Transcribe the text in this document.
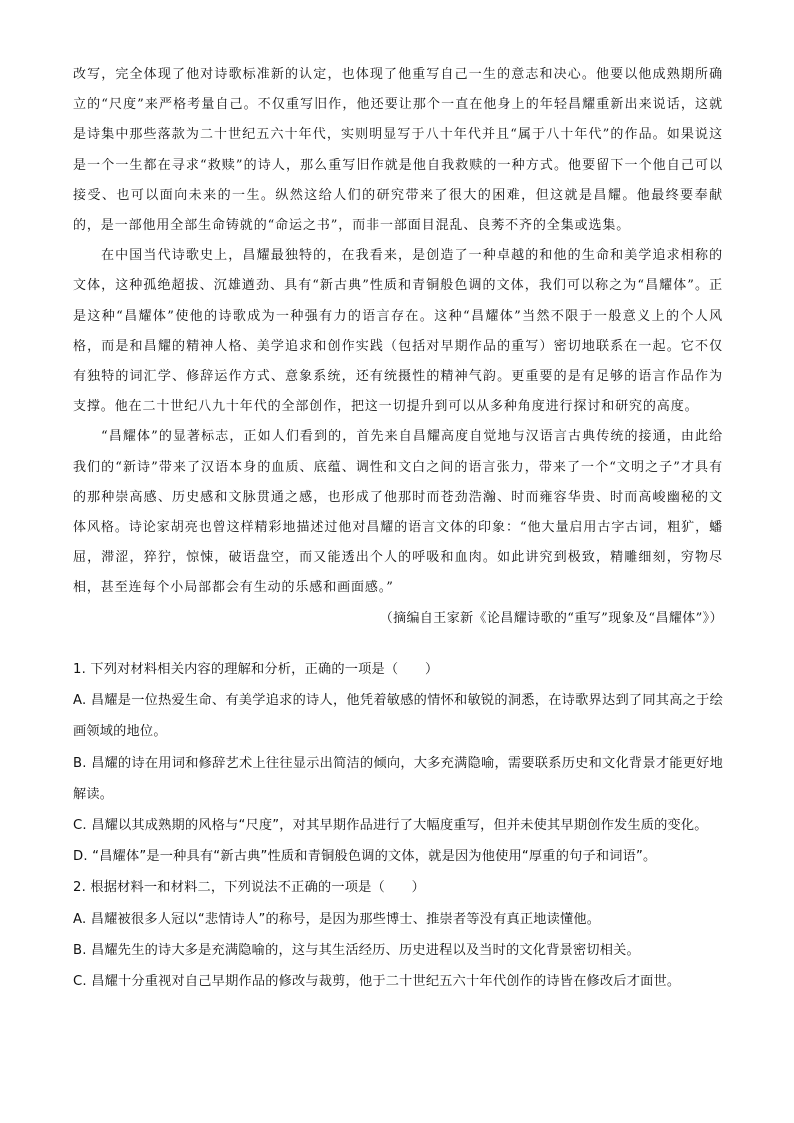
改写，完全体现了他对诗歌标准新的认定，也体现了他重写自己一生的意志和决心。他要以他成熟期所确立的“尺度”来严格考量自己。不仅重写旧作，他还要让那个一直在他身上的年轻昌耀重新出来说话，这就是诗集中那些落款为二十世纪五六十年代，实则明显写于八十年代并且“属于八十年代”的作品。如果说这是一个一生都在寻求“救赎”的诗人，那么重写旧作就是他自我救赎的一种方式。他要留下一个他自己可以接受、也可以面向未来的一生。纵然这给人们的研究带来了很大的困难，但这就是昌耀。他最终要奉献的，是一部他用全部生命铸就的“命运之书”，而非一部面目混乱、良莠不齐的全集或选集。

在中国当代诗歌史上，昌耀最独特的，在我看来，是创造了一种卓越的和他的生命和美学追求相称的文体，这种孤绝超拔、沉雄遒劲、具有“新古典”性质和青铜般色调的文体，我们可以称之为“昌耀体”。正是这种“昌耀体”使他的诗歌成为一种强有力的语言存在。这种“昌耀体”当然不限于一般意义上的个人风格，而是和昌耀的精神人格、美学追求和创作实践（包括对早期作品的重写）密切地联系在一起。它不仅有独特的词汇学、修辞运作方式、意象系统，还有统摄性的精神气韵。更重要的是有足够的语言作品作为支撑。他在二十世纪八九十年代的全部创作，把这一切提升到可以从多种角度进行探讨和研究的高度。

“昌耀体”的显著标志，正如人们看到的，首先来自昌耀高度自觉地与汉语言古典传统的接通，由此给我们的“新诗”带来了汉语本身的血质、底蕴、调性和文白之间的语言张力，带来了一个“文明之子”才具有的那种崇高感、历史感和文脉贯通之感，也形成了他那时而苍劲浩瀚、时而雍容华贵、时而高峻幽秘的文体风格。诗论家胡亮也曾这样精彩地描述过他对昌耀的语言文体的印象：“他大量启用古字古词，粗犷，蟠屈，滞涩，猝狞，惊悚，破语盘空，而又能透出个人的呼吸和血肉。如此讲究到极致，精雕细刻，穷物尽相，甚至连每个小局部都会有生动的乐感和画面感。”

（摘编自王家新《论昌耀诗歌的“重写”现象及“昌耀体”》）

1. 下列对材料相关内容的理解和分析，正确的一项是（　　）

A. 昌耀是一位热爱生命、有美学追求的诗人，他凭着敏感的情怀和敏锐的洞悉，在诗歌界达到了同其高之于绘画领域的地位。

B. 昌耀的诗在用词和修辞艺术上往往显示出简洁的倾向，大多充满隐喻，需要联系历史和文化背景才能更好地解读。

C. 昌耀以其成熟期的风格与“尺度”，对其早期作品进行了大幅度重写，但并未使其早期创作发生质的变化。

D. “昌耀体”是一种具有“新古典”性质和青铜般色调的文体，就是因为他使用“厚重的句子和词语”。

2. 根据材料一和材料二，下列说法不正确的一项是（　　）

A. 昌耀被很多人冠以“悲情诗人”的称号，是因为那些博士、推崇者等没有真正地读懂他。

B. 昌耀先生的诗大多是充满隐喻的，这与其生活经历、历史进程以及当时的文化背景密切相关。

C. 昌耀十分重视对自己早期作品的修改与裁剪，他于二十世纪五六十年代创作的诗皆在修改后才面世。
